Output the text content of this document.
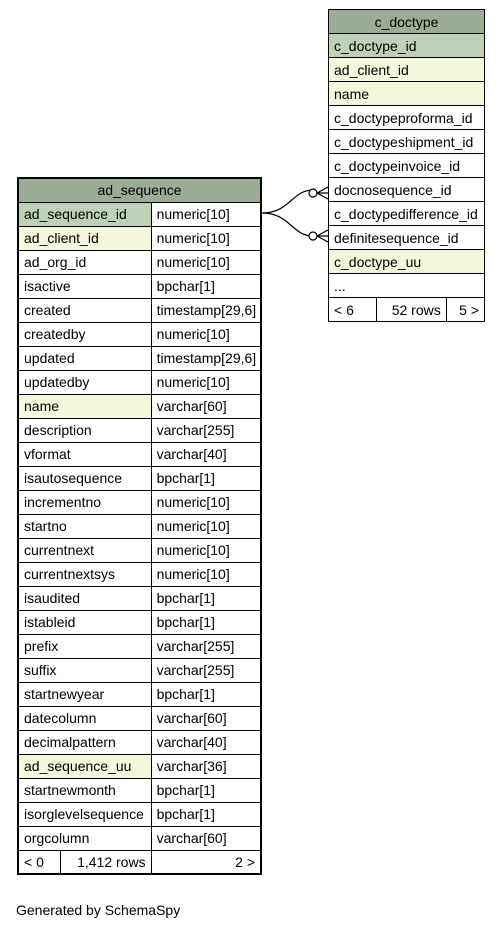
ad_sequence		
ad_sequence_id		numeric[10]
ad_client_id		numeric[10]
ad_org_id		numeric[10]
isactive		bpchar[1]
created		timestamp[29,6]
createdby		numeric[10]
updated		timestamp[29,6]
updatedby		numeric[10]
name		varchar[60]
description		varchar[255]
vformat		varchar[40]
isautosequence		bpchar[1]
incrementno		numeric[10]
startno		numeric[10]
currentnext		numeric[10]
currentnextsys		numeric[10]
isaudited		bpchar[1]
istableid		bpchar[1]
prefix		varchar[255]
suffix		varchar[255]
startnewyear		bpchar[1]
datecolumn		varchar[60]
decimalpattern		varchar[40]
ad_sequence_uu		varchar[36]
startnewmonth		bpchar[1]
isorglevelsequence		bpchar[1]
orgcolumn		varchar[60]
< 0	1,412 rows	2 >
c_doctype
c_doctype_id
ad_client_id
name
c_doctypeproforma_id
c_doctypeshipment_id
c_doctypeinvoice_id
docnosequence_id
c_doctypedifference_id
definitesequence_id
c_doctype_uu
...
< 6	52 rows	5 >
Generated by SchemaSpy
